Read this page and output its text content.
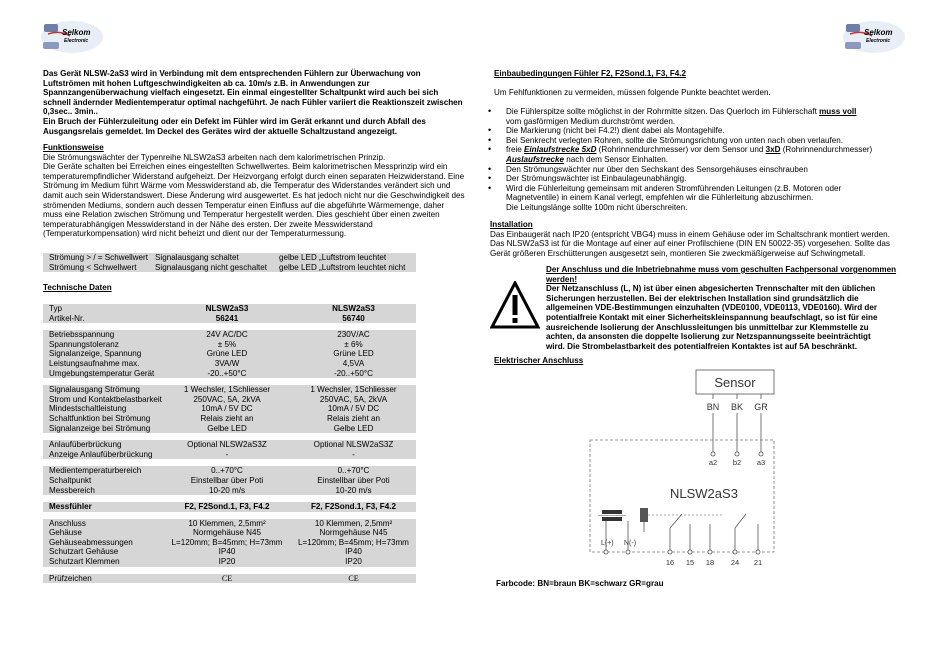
Selkom
Electronic
Selkom
Electronic

Das Gerät NLSW-2aS3 wird in Verbindung mit dem entsprechenden Fühlern zur Überwachung von

Luftströmen mit hohen Luftgeschwindigkeiten ab ca. 10m/s z.B. in Anwendungen zur

Spannzangenüberwachung vielfach eingesetzt. Ein einmal eingestellter Schaltpunkt wird auch bei sich

schnell ändernder Medientemperatur optimal nachgeführt. Je nach Fühler variiert die Reaktionszeit zwischen

0,3sec.. 3min..

Ein Bruch der Fühlerzuleitung oder ein Defekt im Fühler wird im Gerät erkannt und durch Abfall des

Ausgangsrelais gemeldet. Im Deckel des Gerätes wird der aktuelle Schaltzustand angezeigt.

Funktionsweise

Die Strömungswächter der Typenreihe NLSW2aS3 arbeiten nach dem kalorimetrischen Prinzip.

Die Geräte schalten bei Erreichen eines eingestellten Schwellwertes. Beim kalorimetrischen Messprinzip wird ein

temperaturempfindlicher Widerstand aufgeheizt. Der Heizvorgang erfolgt durch einen separaten Heizwiderstand. Eine

Strömung im Medium führt Wärme vom Messwiderstand ab, die Temperatur des Widerstandes verändert sich und

damit auch sein Widerstandswert. Diese Änderung wird ausgewertet. Es hat jedoch nicht nur die Geschwindigkeit des

strömenden Mediums, sondern auch dessen Temperatur einen Einfluss auf die abgeführte Wärmemenge, daher

muss eine Relation zwischen Strömung und Temperatur hergestellt werden. Dies geschieht über einen zweiten

temperaturabhängigen Messwiderstand in der Nähe des ersten. Der zweite Messwiderstand

(Temperaturkompensation) wird nicht beheizt und dient nur der Temperaturmessung.

Strömung > / = Schwellwert	Signalausgang schaltet	gelbe LED „Luftstrom leuchtet
Strömung < Schwellwert	Signalausgang nicht geschaltet	gelbe LED „Luftstrom leuchtet nicht

Technische Daten

Typ	NLSW2aS3	NLSW2aS3
Artikel-Nr.	56241	56740

Betriebsspannung	24V AC/DC	230V/AC
Spannungstoleranz	± 5%	± 6%
Signalanzeige, Spannung	Grüne LED	Grüne LED
Leistungsaufnahme max.	3VA/W	4,5VA
Umgebungstemperatur Gerät	-20..+50°C	-20..+50°C

Signalausgang Strömung	1 Wechsler, 1Schliesser	1 Wechsler, 1Schliesser
Strom und Kontaktbelastbarkeit	250VAC, 5A, 2kVA	250VAC, 5A, 2kVA
Mindestschaltleistung	10mA / 5V DC	10mA / 5V DC
Schaltfunktion bei Strömung	Relais zieht an	Relais zieht an
Signalanzeige bei Strömung	Gelbe LED	Gelbe LED

Anlaufüberbrückung	Optional NLSW2aS3Z	Optional NLSW2aS3Z
Anzeige Anlaufüberbrückung	-	-

Medientemperaturbereich	0..+70°C	0..+70°C
Schaltpunkt	Einstellbar über Poti	Einstellbar über Poti
Messbereich	10-20 m/s	10-20 m/s

Messfühler	F2, F2Sond.1, F3, F4.2	F2, F2Sond.1, F3, F4.2

Anschluss	10 Klemmen, 2,5mm²	10 Klemmen, 2,5mm²
Gehäuse	Normgehäuse N45	Normgehäuse N45
Gehäuseabmessungen	L=120mm; B=45mm; H=73mm	L=120mm; B=45mm; H=73mm
Schutzart Gehäuse	IP40	IP40
Schutzart Klemmen	IP20	IP20

Prüfzeichen	CE	CE

Einbaubedingungen Fühler F2, F2Sond.1, F3, F4.2

Um Fehlfunktionen zu vermeiden, müssen folgende Punkte beachtet werden.

• Die Fühlerspitze sollte möglichst in der Rohrmitte sitzen. Das Querloch im Fühlerschaft muss voll
vom gasförmigen Medium durchströmt werden.
• Die Markierung (nicht bei F4.2!) dient dabei als Montagehilfe.
• Bei Senkrecht verlegten Rohren, sollte die Strömungsrichtung von unten nach oben verlaufen.
• freie Einlaufstrecke 5xD (Rohrinnendurchmesser) vor dem Sensor und 3xD (Rohrinnendurchmesser)
Auslaufstrecke nach dem Sensor Einhalten.
• Den Strömungswächter nur über den Sechskant des Sensorgehäuses einschrauben
• Der Strömungswächter ist Einbaulageunabhängig.
• Wird die Fühlerleitung gemeinsam mit anderen Stromführenden Leitungen (z.B. Motoren oder
Magnetventile) in einem Kanal verlegt, empfehlen wir die Fühlerleitung abzuschirmen.
Die Leitungslänge sollte 100m nicht überschreiten.

Installation

Das Einbaugerät nach IP20 (entspricht VBG4) muss in einem Gehäuse oder im Schaltschrank montiert werden.

Das NLSW2aS3 ist für die Montage auf einer auf einer Profilschiene (DIN EN 50022-35) vorgesehen. Sollte das

Gerät größeren Erschütterungen ausgesetzt sein, montieren Sie zweckmäßigerweise auf Schwingmetall.

Der Anschluss und die Inbetriebnahme muss vom geschulten Fachpersonal vorgenommen

werden!

Der Netzanschluss (L, N) ist über einen abgesicherten Trennschalter mit den üblichen

Sicherungen herzustellen. Bei der elektrischen Installation sind grundsätzlich die

allgemeinen VDE-Bestimmungen einzuhalten (VDE0100, VDE0113, VDE0160). Wird der

potentialfreie Kontakt mit einer Sicherheitskleinspannung beaufschlagt, so ist für eine

ausreichende Isolierung der Anschlussleitungen bis unmittelbar zur Klemmstelle zu

achten, da ansonsten die doppelte Isolierung zur Netzspannungsseite beeinträchtigt

wird. Die Strombelastbarkeit des potentialfreien Kontaktes ist auf 5A beschränkt.

Elektrischer Anschluss

Sensor
BN BK GR
a2 b2 a3
NLSW2aS3
L(+) N(-)
16 15 18 24 21

Farbcode: BN=braun BK=schwarz GR=grau
